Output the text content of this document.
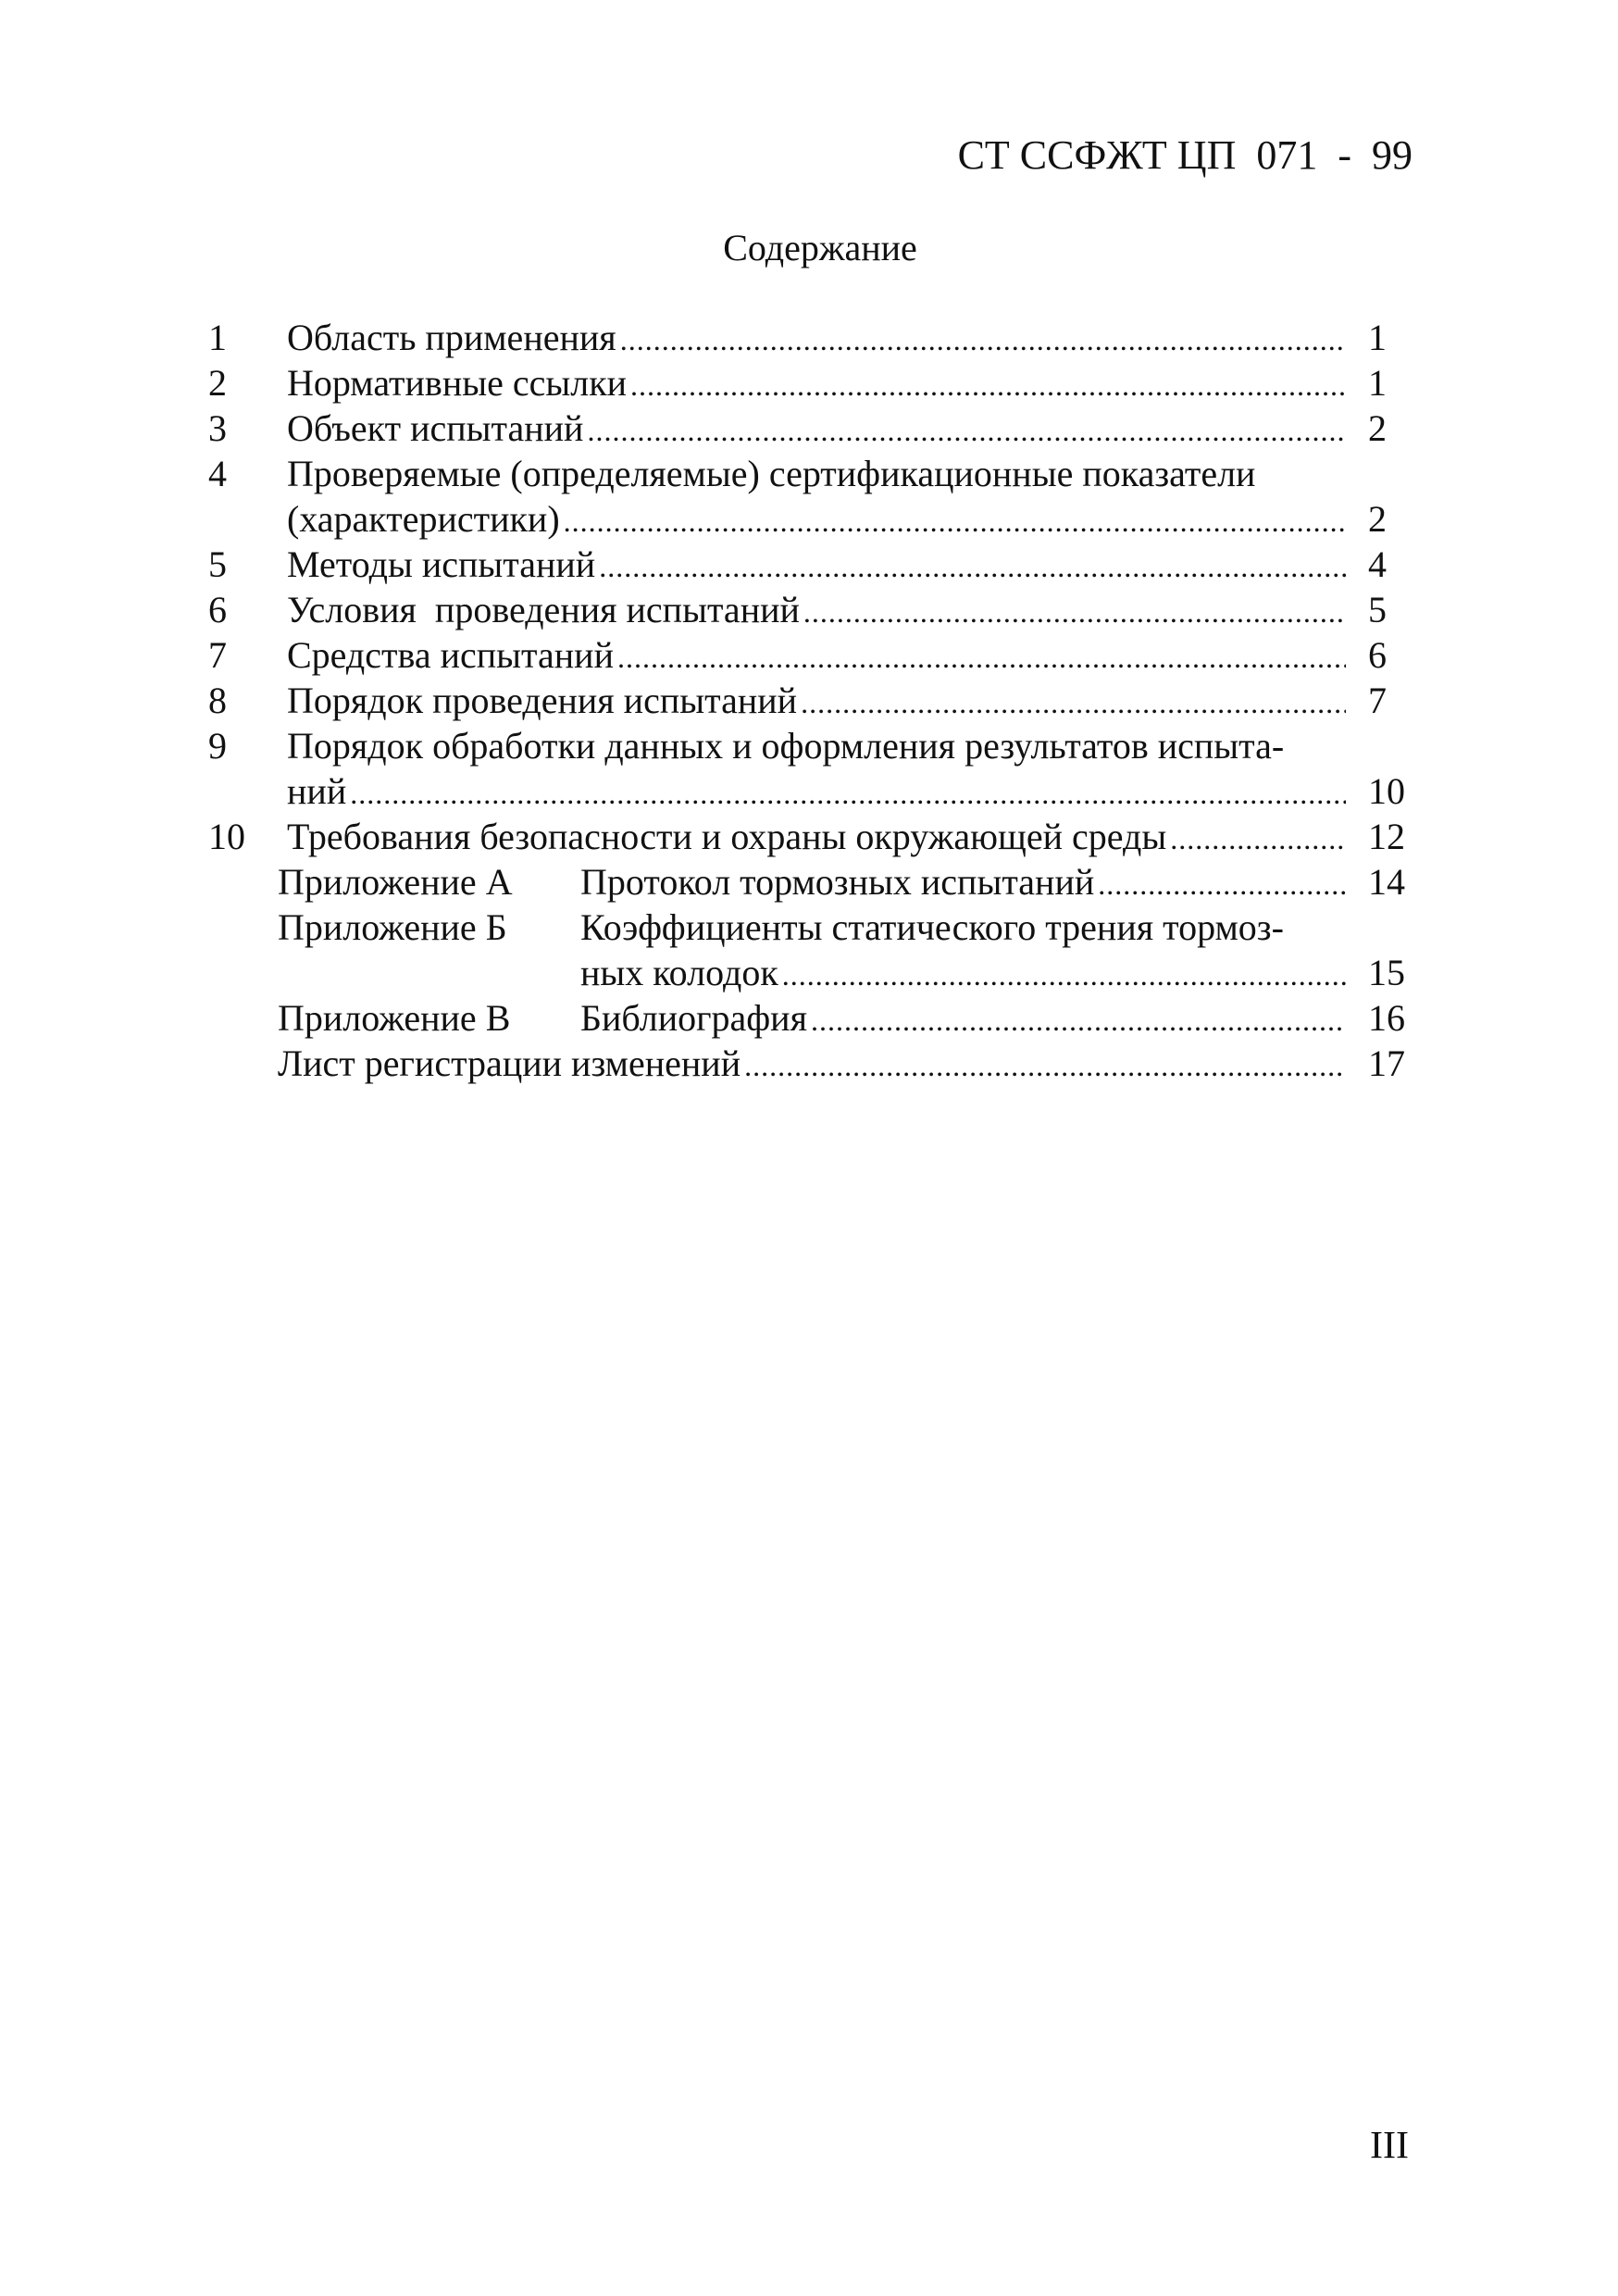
СТ ССФЖТ ЦП  071  -  99
Содержание
1	Область применения .....	1
2	Нормативные ссылки .....	1
3	Объект испытаний .....	2
4	Проверяемые (определяемые) сертификационные показатели
(характеристики) .....	2
5	Методы испытаний .....	4
6	Условия  проведения испытаний .....	5
7	Средства испытаний .....	6
8	Порядок проведения испытаний .....	7
9	Порядок обработки данных и оформления результатов испыта-
ний .....	10
10	Требования безопасности и охраны окружающей среды .....	12
Приложение А Протокол тормозных испытаний .....	14
Приложение Б Коэффициенты статического трения тормоз-
ных колодок .....	15
Приложение В Библиография .....	16
Лист регистрации изменений .....	17
III
